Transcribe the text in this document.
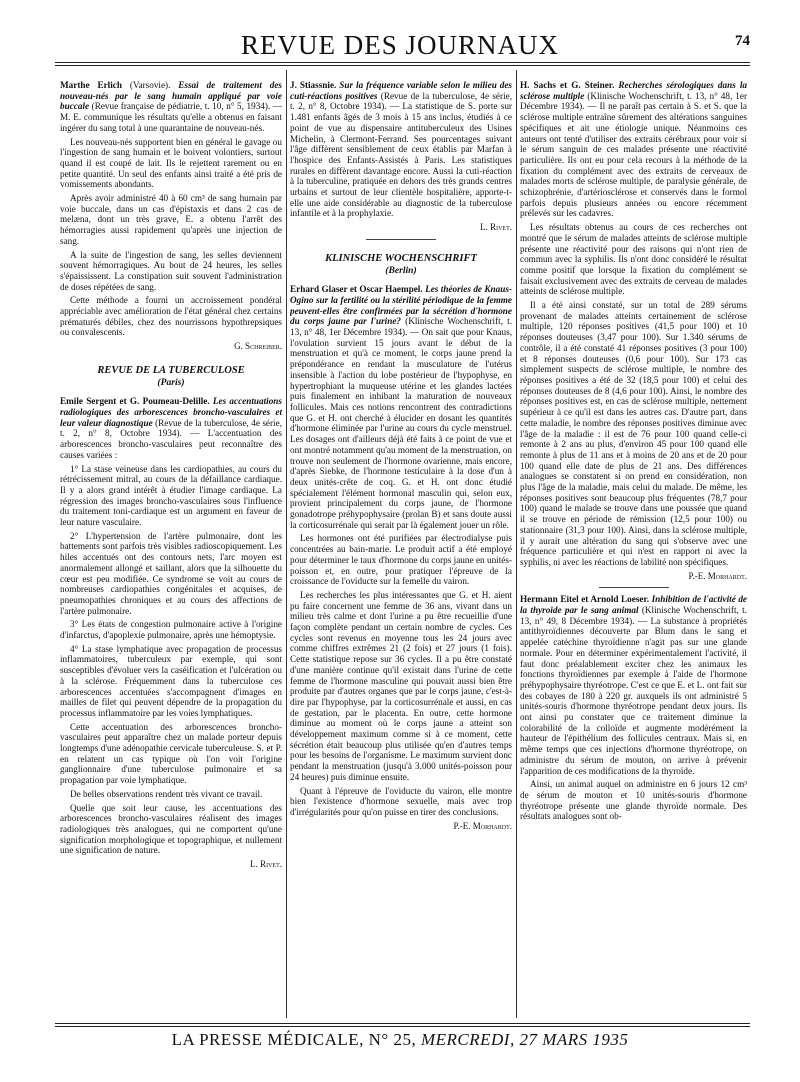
REVUE DES JOURNAUX	74

Marthe Erlich (Varsovie). Essai de traitement des nouveau-nés par le sang humain appliqué par voie buccale (Revue française de pédiatrie, t. 10, n° 5, 1934). — M. E. communique les résultats qu'elle a obtenus en faisant ingérer du sang total à une quarantaine de nouveau-nés.

Les nouveau-nés supportent bien en général le gavage ou l'ingestion de sang humain et le boivent volontiers, surtout quand il est coupé de lait. Ils le rejettent rarement ou en petite quantité. Un seul des enfants ainsi traité a été pris de vomissements abondants.

Après avoir administré 40 à 60 cm³ de sang humain par voie buccale, dans un cas d'épistaxis et dans 2 cas de melæna, dont un très grave, E. a obtenu l'arrêt des hémorragies aussi rapidement qu'après une injection de sang.

A la suite de l'ingestion de sang, les selles deviennent souvent hémorragiques. Au bout de 24 heures, les selles s'épaississent. La constipation suit souvent l'administration de doses répétées de sang.

Cette méthode a fourni un accroissement pondéral appréciable avec amélioration de l'état général chez certains prématurés débiles, chez des nourrissons hypothrepsiques ou convalescents.

G. Schreiber.
REVUE DE LA TUBERCULOSE
(Paris)

Emile Sergent et G. Poumeau-Delille. Les accentuations radiologiques des arborescences broncho-vasculaires et leur valeur diagnostique (Revue de la tuberculose, 4e série, t. 2, n° 8, Octobre 1934). — L'accentuation des arborescences broncho-vasculaires peut reconnaître des causes variées :

1° La stase veineuse dans les cardiopathies, au cours du rétrécissement mitral, au cours de la défaillance cardiaque. Il y a alors grand intérêt à étudier l'image cardiaque. La régression des images broncho-vasculaires sous l'influence du traitement toni-cardiaque est un argument en faveur de leur nature vasculaire.

2° L'hypertension de l'artère pulmonaire, dont les battements sont parfois très visibles radioscopiquement. Les hiles accentués ont des contours nets, l'arc moyen est anormalement allongé et saillant, alors que la silhouette du cœur est peu modifiée. Ce syndrome se voit au cours de nombreuses cardiopathies congénitales et acquises, de pneumopathies chroniques et au cours des affections de l'artère pulmonaire.

3° Les états de congestion pulmonaire active à l'origine d'infarctus, d'apoplexie pulmonaire, après une hémoptysie.

4° La stase lymphatique avec propagation de processus inflammatoires, tuberculeux par exemple, qui sont susceptibles d'évoluer vers la caséification et l'ulcération ou à la sclérose. Fréquemment dans la tuberculose ces arborescences accentuées s'accompagnent d'images en mailles de filet qui peuvent dépendre de la propagation du processus inflammatoire par les voies lymphatiques.

Cette accentuation des arborescences broncho-vasculaires peut apparaître chez un malade porteur depuis longtemps d'une adénopathie cervicale tuberculeuse. S. et P. en relatent un cas typique où l'on voit l'origine ganglionnaire d'une tuberculose pulmonaire et sa propagation par voie lymphatique.

De belles observations rendent très vivant ce travail.

Quelle que soit leur cause, les accentuations des arborescences broncho-vasculaires réalisent des images radiologiques très analogues, qui ne comportent qu'une signification morphologique et topographique, et nullement une signification de nature.

L. Rivet.

J. Stiassnie. Sur la fréquence variable selon le milieu des cuti-réactions positives (Revue de la tuberculose, 4e série, t. 2, n° 8, Octobre 1934). — La statistique de S. porte sur 1.481 enfants âgés de 3 mois à 15 ans inclus, étudiés à ce point de vue au dispensaire antituberculeux des Usines Michelin, à Clermont-Ferrand. Ses pourcentages suivant l'âge diffèrent sensiblement de ceux établis par Marfan à l'hospice des Enfants-Assistés à Paris. Les statistiques rurales en diffèrent davantage encore. Aussi la cuti-réaction à la tuberculine, pratiquée en dehors des très grands centres urbains et surtout de leur clientèle hospitalière, apporte-t-elle une aide considérable au diagnostic de la tuberculose infantile et à la prophylaxie.

L. Rivet.
KLINISCHE WOCHENSCHRIFT
(Berlin)

Erhard Glaser et Oscar Haempel. Les théories de Knaus-Ogino sur la fertilité ou la stérilité périodique de la femme peuvent-elles être confirmées par la sécrétion d'hormone du corps jaune par l'urine? (Klinische Wochenschrift, t. 13, n° 48, 1er Décembre 1934). — On sait que pour Knaus, l'ovulation survient 15 jours avant le début de la menstruation et qu'à ce moment, le corps jaune prend la prépondérance en rendant la musculature de l'utérus insensible à l'action du lobe postérieur de l'hypophyse, en hypertrophiant la muqueuse utérine et les glandes lactées puis finalement en inhibant la maturation de nouveaux follicules. Mais ces notions rencontrent des contradictions que G. et H. ont cherché à élucider en dosant les quantités d'hormone éliminée par l'urine au cours du cycle menstruel. Les dosages ont d'ailleurs déjà été faits à ce point de vue et ont montré notamment qu'au moment de la menstruation, on trouve non seulement de l'hormone ovarienne, mais encore, d'après Siebke, de l'hormone testiculaire à la dose d'un à deux unités-crête de coq. G. et H. ont donc étudié spécialement l'élément hormonal masculin qui, selon eux, provient principalement du corps jaune, de l'hormone gonadotrope préhypophysaire (prolan B) et sans doute aussi la corticosurrénale qui serait par là également jouer un rôle.

Les hormones ont été purifiées par électrodialyse puis concentrées au bain-marie. Le produit actif a été employé pour déterminer le taux d'hormone du corps jaune en unités-poisson et, en outre, pour pratiquer l'épreuve de la croissance de l'oviducte sur la femelle du vairon.

Les recherches les plus intéressantes que G. et H. aient pu faire concernent une femme de 36 ans, vivant dans un milieu très calme et dont l'urine a pu être recueillie d'une façon complète pendant un certain nombre de cycles. Ces cycles sont revenus en moyenne tous les 24 jours avec comme chiffres extrêmes 21 (2 fois) et 27 jours (1 fois). Cette statistique repose sur 36 cycles. Il a pu être constaté d'une manière continue qu'il existait dans l'urine de cette femme de l'hormone masculine qui pouvait aussi bien être produite par d'autres organes que par le corps jaune, c'est-à-dire par l'hypophyse, par la corticosurrénale et aussi, en cas de gestation, par le placenta. En outre, cette hormone diminue au moment où le corps jaune a atteint son développement maximum comme si à ce moment, cette sécrétion était beaucoup plus utilisée qu'en d'autres temps pour les besoins de l'organisme. Le maximum survient donc pendant la menstruation (jusqu'à 3.000 unités-poisson pour 24 heures) puis diminue ensuite.

Quant à l'épreuve de l'oviducte du vairon, elle montre bien l'existence d'hormone sexuelle, mais avec trop d'irrégularités pour qu'on puisse en tirer des conclusions.

P.-E. Morhardt.

H. Sachs et G. Steiner. Recherches sérologiques dans la sclérose multiple (Klinische Wochenschrift, t. 13, n° 48, 1er Décembre 1934). — Il ne paraît pas certain à S. et S. que la sclérose multiple entraîne sûrement des altérations sanguines spécifiques et ait une étiologie unique. Néanmoins ces auteurs ont tenté d'utiliser des extraits cérébraux pour voir si le sérum sanguin de ces malades présente une réactivité particulière. Ils ont eu pour cela recours à la méthode de la fixation du complément avec des extraits de cerveaux de malades morts de sclérose multiple, de paralysie générale, de schizophrénie, d'artériosclérose et conservés dans le formol parfois depuis plusieurs années ou encore récemment prélevés sur les cadavres.

Les résultats obtenus au cours de ces recherches ont montré que le sérum de malades atteints de sclérose multiple présente une réactivité pour des raisons qui n'ont rien de commun avec la syphilis. Ils n'ont donc considéré le résultat comme positif que lorsque la fixation du complément se faisait exclusivement avec des extraits de cerveau de malades atteints de sclérose multiple.

Il a été ainsi constaté, sur un total de 289 sérums provenant de malades atteints certainement de sclérose multiple, 120 réponses positives (41,5 pour 100) et 10 réponses douteuses (3,47 pour 100). Sur 1.340 sérums de contrôle, il a été constaté 41 réponses positives (3 pour 100) et 8 réponses douteuses (0,6 pour 100). Sur 173 cas simplement suspects de sclérose multiple, le nombre des réponses positives a été de 32 (18,5 pour 100) et celui des réponses douteuses de 8 (4,6 pour 100). Ainsi, le nombre des réponses positives est, en cas de sclérose multiple, nettement supérieur à ce qu'il est dans les autres cas. D'autre part, dans cette maladie, le nombre des réponses positives diminue avec l'âge de la maladie : il est de 76 pour 100 quand celle-ci remonte à 2 ans au plus, d'environ 45 pour 100 quand elle remonte à plus de 11 ans et à moins de 20 ans et de 20 pour 100 quand elle date de plus de 21 ans. Des différences analogues se constatent si on prend en considération, non plus l'âge de la maladie, mais celui du malade. De même, les réponses positives sont beaucoup plus fréquentes (78,7 pour 100) quand le malade se trouve dans une poussée que quand il se trouve en période de rémission (12,5 pour 100) ou stationnaire (31,3 pour 100). Ainsi, dans la sclérose multiple, il y aurait une altération du sang qui s'observe avec une fréquence particulière et qui n'est en rapport ni avec la syphilis, ni avec les réactions de labilité non spécifiques.

P.-E. Morhardt.

Hermann Eitel et Arnold Loeser. Inhibition de l'activité de la thyroïde par le sang animal (Klinische Wochenschrift, t. 13, n° 49, 8 Décembre 1934). — La substance à propriétés antithyroïdiennes découverte par Blum dans le sang et appelée catéchine thyroïdienne n'agit pas sur une glande normale. Pour en déterminer expérimentalement l'activité, il faut donc préalablement exciter chez les animaux les fonctions thyroïdiennes par exemple à l'aide de l'hormone préhypophysaire thyréotrope. C'est ce que E. et L. ont fait sur des cobayes de 180 à 220 gr. auxquels ils ont administré 5 unités-souris d'hormone thyréotrope pendant deux jours. Ils ont ainsi pu constater que ce traitement diminue la colorabilité de la colloïde et augmente modérément la hauteur de l'épithélium des follicules centraux. Mais si, en même temps que ces injections d'hormone thyréotrope, on administre du sérum de mouton, on arrive à prévenir l'apparition de ces modifications de la thyroïde.

Ainsi, un animal auquel on administre en 6 jours 12 cm³ de sérum de mouton et 10 unités-souris d'hormone thyréotrope présente une glande thyroïde normale. Des résultats analogues sont ob-

LA PRESSE MÉDICALE, N° 25, MERCREDI, 27 MARS 1935
